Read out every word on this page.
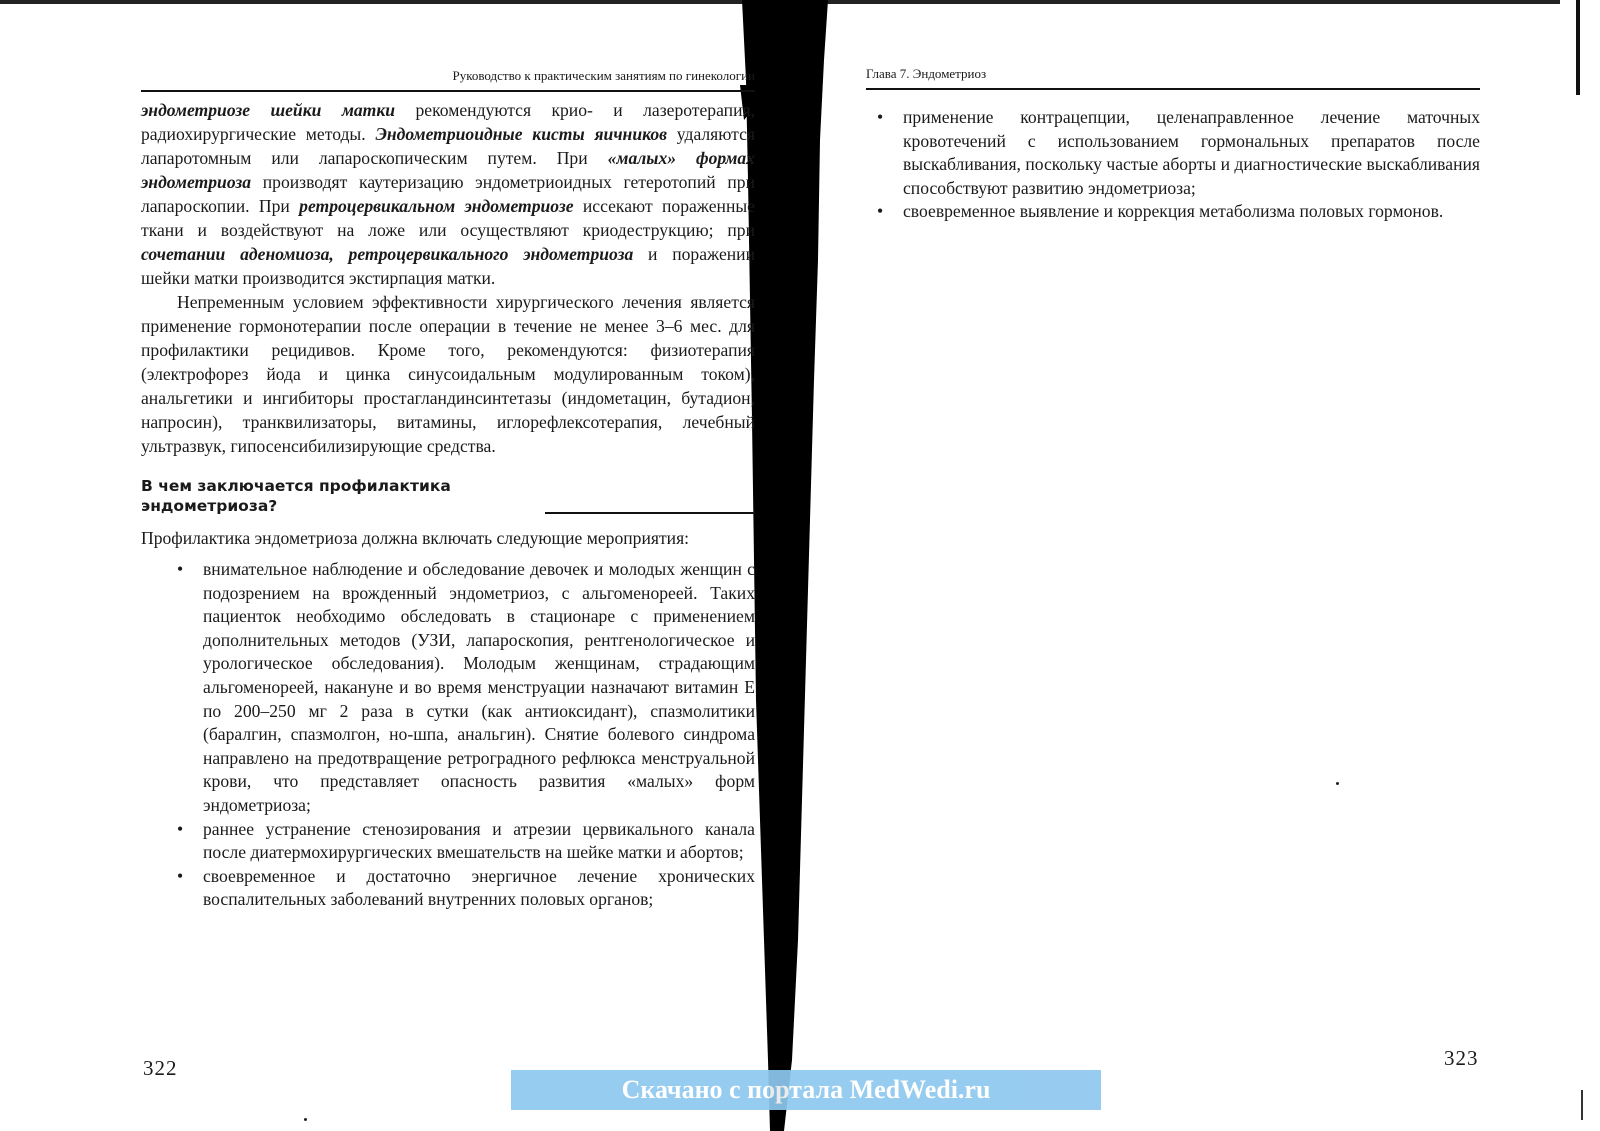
Руководство к практическим занятиям по гинекологии

эндометриозе шейки матки рекомендуются крио- и лазеротерапия, радиохирургические методы. Эндометриоидные кисты яичников удаляются лапаротомным или лапароскопическим путем. При «малых» формах эндометриоза производят каутеризацию эндометриоидных гетеротопий при лапароскопии. При ретроцервикальном эндометриозе иссекают пораженные ткани и воздействуют на ложе или осуществляют криодеструкцию; при сочетании аденомиоза, ретроцервикального эндометриоза и поражении шейки матки производится экстирпация матки.

Непременным условием эффективности хирургического лечения является применение гормонотерапии после операции в течение не менее 3–6 мес. для профилактики рецидивов. Кроме того, рекомендуются: физиотерапия (электрофорез йода и цинка синусоидальным модулированным током), анальгетики и ингибиторы простагландинсинтетазы (индометацин, бутадион, напросин), транквилизаторы, витамины, иглорефлексотерапия, лечебный ультразвук, гипосенсибилизирующие средства.

В чем заключается профилактика
эндометриоза?

Профилактика эндометриоза должна включать следующие мероприятия:

• внимательное наблюдение и обследование девочек и молодых женщин с подозрением на врожденный эндометриоз, с альгоменореей. Таких пациенток необходимо обследовать в стационаре с применением дополнительных методов (УЗИ, лапароскопия, рентгенологическое и урологическое обследования). Молодым женщинам, страдающим альгоменореей, накануне и во время менструации назначают витамин Е по 200–250 мг 2 раза в сутки (как антиоксидант), спазмолитики (баралгин, спазмолгон, но-шпа, анальгин). Снятие болевого синдрома направлено на предотвращение ретроградного рефлюкса менструальной крови, что представляет опасность развития «малых» форм эндометриоза;
• раннее устранение стенозирования и атрезии цервикального канала после диатермохирургических вмешательств на шейке матки и абортов;
• своевременное и достаточно энергичное лечение хронических воспалительных заболеваний внутренних половых органов;
322
Глава 7. Эндометриоз
• применение контрацепции, целенаправленное лечение маточных кровотечений с использованием гормональных препаратов после выскабливания, поскольку частые аборты и диагностические выскабливания способствуют развитию эндометриоза;
• своевременное выявление и коррекция метаболизма половых гормонов.
323
Скачано с портала MedWedi.ru
